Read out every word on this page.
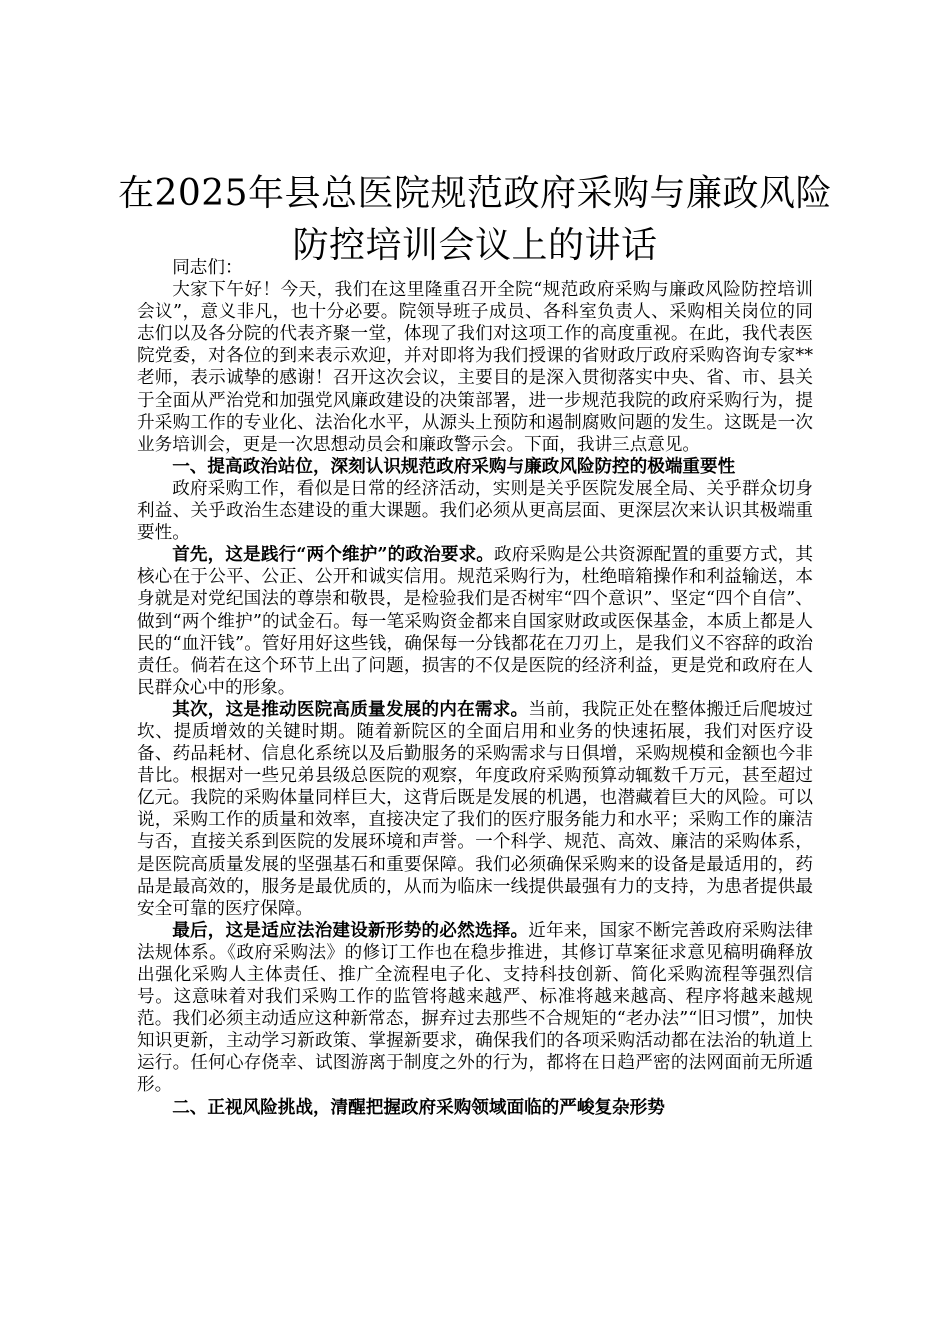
在2025年县总医院规范政府采购与廉政风险
防控培训会议上的讲话

同志们：

大家下午好！今天，我们在这里隆重召开全院“规范政府采购与廉政风险防控培训会议”，意义非凡，也十分必要。院领导班子成员、各科室负责人、采购相关岗位的同志们以及各分院的代表齐聚一堂，体现了我们对这项工作的高度重视。在此，我代表医院党委，对各位的到来表示欢迎，并对即将为我们授课的省财政厅政府采购咨询专家**老师，表示诚挚的感谢！召开这次会议，主要目的是深入贯彻落实中央、省、市、县关于全面从严治党和加强党风廉政建设的决策部署，进一步规范我院的政府采购行为，提升采购工作的专业化、法治化水平，从源头上预防和遏制腐败问题的发生。这既是一次业务培训会，更是一次思想动员会和廉政警示会。下面，我讲三点意见。

一、提高政治站位，深刻认识规范政府采购与廉政风险防控的极端重要性

政府采购工作，看似是日常的经济活动，实则是关乎医院发展全局、关乎群众切身利益、关乎政治生态建设的重大课题。我们必须从更高层面、更深层次来认识其极端重要性。

首先，这是践行“两个维护”的政治要求。政府采购是公共资源配置的重要方式，其核心在于公平、公正、公开和诚实信用。规范采购行为，杜绝暗箱操作和利益输送，本身就是对党纪国法的尊崇和敬畏，是检验我们是否树牢“四个意识”、坚定“四个自信”、做到“两个维护”的试金石。每一笔采购资金都来自国家财政或医保基金，本质上都是人民的“血汗钱”。管好用好这些钱，确保每一分钱都花在刀刃上，是我们义不容辞的政治责任。倘若在这个环节上出了问题，损害的不仅是医院的经济利益，更是党和政府在人民群众心中的形象。

其次，这是推动医院高质量发展的内在需求。当前，我院正处在整体搬迁后爬坡过坎、提质增效的关键时期。随着新院区的全面启用和业务的快速拓展，我们对医疗设备、药品耗材、信息化系统以及后勤服务的采购需求与日俱增，采购规模和金额也今非昔比。根据对一些兄弟县级总医院的观察，年度政府采购预算动辄数千万元，甚至超过亿元。我院的采购体量同样巨大，这背后既是发展的机遇，也潜藏着巨大的风险。可以说，采购工作的质量和效率，直接决定了我们的医疗服务能力和水平；采购工作的廉洁与否，直接关系到医院的发展环境和声誉。一个科学、规范、高效、廉洁的采购体系，是医院高质量发展的坚强基石和重要保障。我们必须确保采购来的设备是最适用的，药品是最高效的，服务是最优质的，从而为临床一线提供最强有力的支持，为患者提供最安全可靠的医疗保障。

最后，这是适应法治建设新形势的必然选择。近年来，国家不断完善政府采购法律法规体系。《政府采购法》的修订工作也在稳步推进，其修订草案征求意见稿明确释放出强化采购人主体责任、推广全流程电子化、支持科技创新、简化采购流程等强烈信号。这意味着对我们采购工作的监管将越来越严、标准将越来越高、程序将越来越规范。我们必须主动适应这种新常态，摒弃过去那些不合规矩的“老办法”“旧习惯”，加快知识更新，主动学习新政策、掌握新要求，确保我们的各项采购活动都在法治的轨道上运行。任何心存侥幸、试图游离于制度之外的行为，都将在日趋严密的法网面前无所遁形。

二、正视风险挑战，清醒把握政府采购领域面临的严峻复杂形势
